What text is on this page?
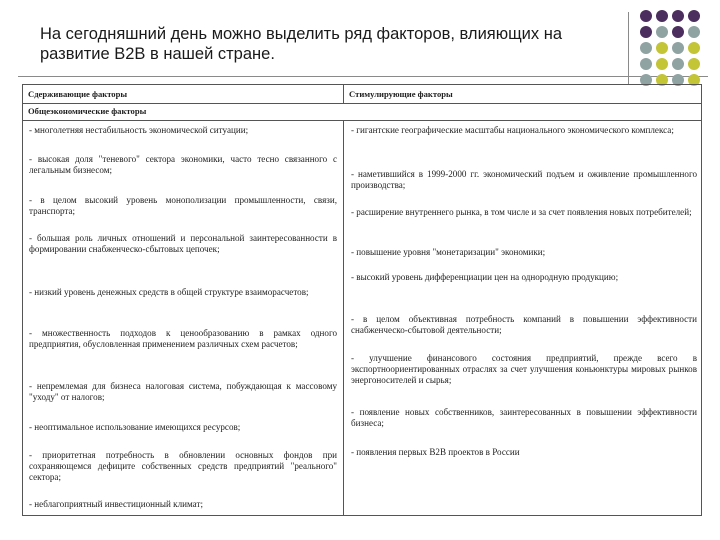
На сегодняшний день можно выделить ряд факторов, влияющих на развитие B2B в нашей стране.
Сдерживающие факторы	Стимулирующие факторы
Общеэкономические факторы
- многолетняя нестабильность экономической ситуации;
- высокая доля "теневого" сектора экономики, часто тесно связанного с легальным бизнесом;
- в целом высокий уровень монополизации промышленности, связи, транспорта;
- большая роль личных отношений и персональной заинтересованности в формировании снабженческо-сбытовых цепочек;
- низкий уровень денежных средств в общей структуре взаиморасчетов;
- множественность подходов к ценообразованию в рамках одного предприятия, обусловленная применением различных схем расчетов;
- непремлемая для бизнеса налоговая система, побуждающая к массовому "уходу" от налогов;
- неоптимальное использование имеющихся ресурсов;
- приоритетная потребность в обновлении основных фондов при сохраняющемся дефиците собственных средств предприятий "реального" сектора;
- неблагоприятный инвестиционный климат;
- гигантские географические масштабы национального экономического комплекса;
- наметившийся в 1999-2000 гг. экономический подъем и оживление промышленного производства;
- расширение внутреннего рынка, в том числе и за счет появления новых потребителей;
- повышение уровня "монетаризации" экономики;
- высокий уровень дифференциации цен на однородную продукцию;
- в целом объективная потребность компаний в повышении эффективности снабженческо-сбытовой деятельности;
- улучшение финансового состояния предприятий, прежде всего в экспортноориентированных отраслях за счет улучшения коньюнктуры мировых рынков энергоносителей и сырья;
- появление новых собственников, заинтересованных в повышении эффективности бизнеса;
- появления первых B2B проектов в России
